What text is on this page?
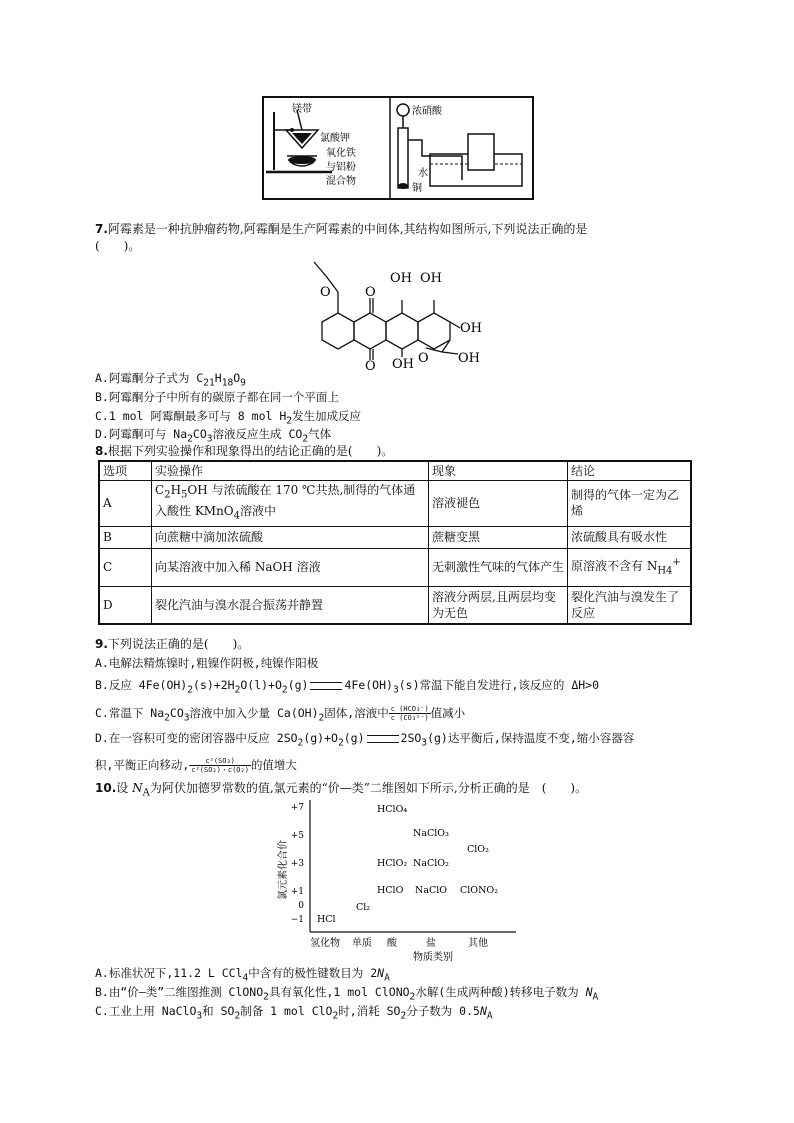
镁带
氯酸钾
氧化铁
与铝粉
混合物
浓硝酸
水
铜
7.阿霉素是一种抗肿瘤药物,阿霉酮是生产阿霉素的中间体,其结构如图所示,下列说法正确的是
(　　)。
O	O
O
OH OH
OH
OH
O OH
A.阿霉酮分子式为 $C_{21}H_{18}O_9$
B.阿霉酮分子中所有的碳原子都在同一个平面上
C.1 mol 阿霉酮最多可与 8 mol $H_2$发生加成反应
D.阿霉酮可与 $Na_2CO_3$溶液反应生成 $CO_2$气体
8.根据下列实验操作和现象得出的结论正确的是(　　)。
选项	实验操作	现象	结论
A	$C_2H_5OH$ 与浓硫酸在 170 ℃共热,制得的气体通入酸性 KMnO$_4$溶液中	溶液褪色	制得的气体一定为乙烯
B	向蔗糖中滴加浓硫酸	蔗糖变黑	浓硫酸具有吸水性
C	向某溶液中加入稀 NaOH 溶液	无刺激性气味的气体产生	原溶液不含有 $N_{H4}^+$
D	裂化汽油与溴水混合振荡并静置	溶液分两层,且两层均变为无色	裂化汽油与溴发生了反应
9.下列说法正确的是(　　)。
A.电解法精炼镍时,粗镍作阴极,纯镍作阳极
B.反应 $4Fe(OH)_2(s)+2H_2O(l)+O_2(g)$	$4Fe(OH)_3(s)$常温下能自发进行,该反应的 ΔH>0
C.常温下 $Na_2CO_3$溶液中加入少量 $Ca(OH)_2$固体,溶液中 $\frac{\text{c (HCO₃⁻)}}{\text{c (CO₃²⁻)}}$ 值减小
D.在一容积可变的密闭容器中反应 $2SO_2(g)+O_2(g)$	$2SO_3(g)$达平衡后,保持温度不变,缩小容器容
积,平衡正向移动, $\frac{\text{c²(SO₃)}}{\text{c²(SO₂)・c(O₂)}}$ 的值增大
10.设 $N_A$为阿伏加德罗常数的值,氯元素的“价—类”二维图如下所示,分析正确的是　(　　)。
氯元素化合价
+7
+5
+3
+1
0
−1
HClO₄
NaClO₃
ClO₂
HClO₂ NaClO₂
HClO NaClO ClONO₂
Cl₂
HCl
氢化物 单质 酸	盐	其他
物质类别
A.标准状况下,11.2 L CCl$_4$中含有的极性键数目为 $2N_A$
B.由“价—类”二维图推测 ClONO$_2$具有氧化性,1 mol ClONO$_2$水解(生成两种酸)转移电子数为 $N_A$
C.工业上用 NaClO$_3$和 $SO_2$制备 1 mol ClO$_2$时,消耗 $SO_2$分子数为 $0.5N_A$
